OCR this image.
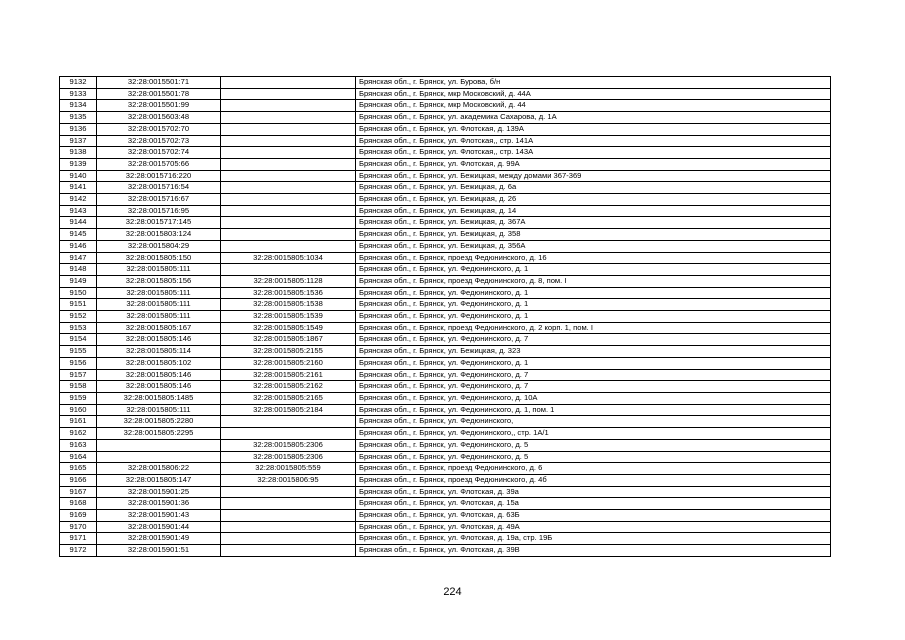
9132	32:28:0015501:71		Брянская обл., г. Брянск, ул. Бурова, б/н
9133	32:28:0015501:78		Брянская обл., г. Брянск, мкр Московский, д. 44А
9134	32:28:0015501:99		Брянская обл., г. Брянск, мкр Московский, д. 44
9135	32:28:0015603:48		Брянская обл., г. Брянск, ул. академика Сахарова, д. 1А
9136	32:28:0015702:70		Брянская обл., г. Брянск, ул. Флотская, д. 139А
9137	32:28:0015702:73		Брянская обл., г. Брянск, ул. Флотская,, стр. 141А
9138	32:28:0015702:74		Брянская обл., г. Брянск, ул. Флотская,, стр. 143А
9139	32:28:0015705:66		Брянская обл., г. Брянск, ул. Флотская, д. 99А
9140	32:28:0015716:220		Брянская обл., г. Брянск, ул. Бежицкая, между домами 367-369
9141	32:28:0015716:54		Брянская обл., г. Брянск, ул. Бежицкая, д. 6а
9142	32:28:0015716:67		Брянская обл., г. Брянск, ул. Бежицкая, д. 26
9143	32:28:0015716:95		Брянская обл., г. Брянск, ул. Бежицкая, д. 14
9144	32:28:0015717:145		Брянская обл., г. Брянск, ул. Бежицкая, д. 367А
9145	32:28:0015803:124		Брянская обл., г. Брянск, ул. Бежицкая, д. 358
9146	32:28:0015804:29		Брянская обл., г. Брянск, ул. Бежицкая, д. 356А
9147	32:28:0015805:150	32:28:0015805:1034	Брянская обл., г. Брянск, проезд Федюнинского, д. 16
9148	32:28:0015805:111		Брянская обл., г. Брянск, ул. Федюнинского, д. 1
9149	32:28:0015805:156	32:28:0015805:1128	Брянская обл., г. Брянск, проезд Федюнинского, д. 8, пом. I
9150	32:28:0015805:111	32:28:0015805:1536	Брянская обл., г. Брянск, ул. Федюнинского, д. 1
9151	32:28:0015805:111	32:28:0015805:1538	Брянская обл., г. Брянск, ул. Федюнинского, д. 1
9152	32:28:0015805:111	32:28:0015805:1539	Брянская обл., г. Брянск, ул. Федюнинского, д. 1
9153	32:28:0015805:167	32:28:0015805:1549	Брянская обл., г. Брянск, проезд Федюнинского, д. 2 корп. 1, пом. I
9154	32:28:0015805:146	32:28:0015805:1867	Брянская обл., г. Брянск, ул. Федюнинского, д. 7
9155	32:28:0015805:114	32:28:0015805:2155	Брянская обл., г. Брянск, ул. Бежицкая, д. 323
9156	32:28:0015805:102	32:28:0015805:2160	Брянская обл., г. Брянск, ул. Федюнинского, д. 1
9157	32:28:0015805:146	32:28:0015805:2161	Брянская обл., г. Брянск, ул. Федюнинского, д. 7
9158	32:28:0015805:146	32:28:0015805:2162	Брянская обл., г. Брянск, ул. Федюнинского, д. 7
9159	32:28:0015805:1485	32:28:0015805:2165	Брянская обл., г. Брянск, ул. Федюнинского, д. 10А
9160	32:28:0015805:111	32:28:0015805:2184	Брянская обл., г. Брянск, ул. Федюнинского, д. 1, пом. 1
9161	32:28:0015805:2280		Брянская обл., г. Брянск, ул. Федюнинского,
9162	32:28:0015805:2295		Брянская обл., г. Брянск, ул. Федюнинского,, стр. 1А/1
9163		32:28:0015805:2306	Брянская обл., г. Брянск, ул. Федюнинского, д. 5
9164		32:28:0015805:2306	Брянская обл., г. Брянск, ул. Федюнинского, д. 5
9165	32:28:0015806:22	32:28:0015805:559	Брянская обл., г. Брянск, проезд Федюнинского, д. 6
9166	32:28:0015805:147	32:28:0015806:95	Брянская обл., г. Брянск, проезд Федюнинского, д. 4б
9167	32:28:0015901:25		Брянская обл., г. Брянск, ул. Флотская, д. 39а
9168	32:28:0015901:36		Брянская обл., г. Брянск, ул. Флотская, д. 15а
9169	32:28:0015901:43		Брянская обл., г. Брянск, ул. Флотская, д. 63Б
9170	32:28:0015901:44		Брянская обл., г. Брянск, ул. Флотская, д. 49А
9171	32:28:0015901:49		Брянская обл., г. Брянск, ул. Флотская, д. 19а, стр. 19Б
9172	32:28:0015901:51		Брянская обл., г. Брянск, ул. Флотская, д. 39В
224
